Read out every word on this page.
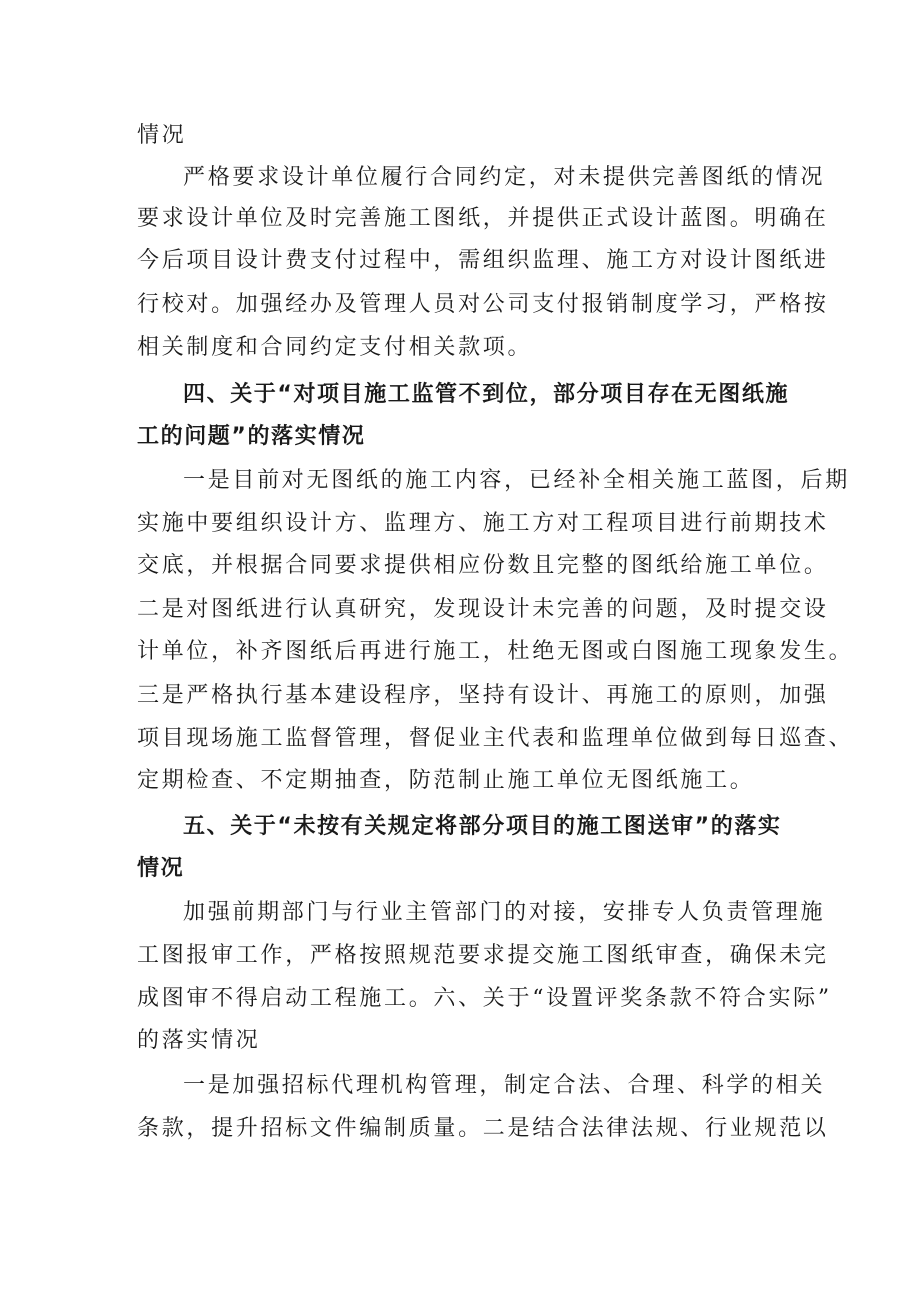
情况
严格要求设计单位履行合同约定，对未提供完善图纸的情况
要求设计单位及时完善施工图纸，并提供正式设计蓝图。明确在
今后项目设计费支付过程中，需组织监理、施工方对设计图纸进
行校对。加强经办及管理人员对公司支付报销制度学习，严格按
相关制度和合同约定支付相关款项。
四、关于“对项目施工监管不到位，部分项目存在无图纸施
工的问题”的落实情况
一是目前对无图纸的施工内容，已经补全相关施工蓝图，后期
实施中要组织设计方、监理方、施工方对工程项目进行前期技术
交底，并根据合同要求提供相应份数且完整的图纸给施工单位。
二是对图纸进行认真研究，发现设计未完善的问题，及时提交设
计单位，补齐图纸后再进行施工，杜绝无图或白图施工现象发生。
三是严格执行基本建设程序，坚持有设计、再施工的原则，加强
项目现场施工监督管理，督促业主代表和监理单位做到每日巡查、
定期检查、不定期抽查，防范制止施工单位无图纸施工。
五、关于“未按有关规定将部分项目的施工图送审”的落实
情况
加强前期部门与行业主管部门的对接，安排专人负责管理施
工图报审工作，严格按照规范要求提交施工图纸审查，确保未完
成图审不得启动工程施工。六、关于“设置评奖条款不符合实际”
的落实情况
一是加强招标代理机构管理，制定合法、合理、科学的相关
条款，提升招标文件编制质量。二是结合法律法规、行业规范以
